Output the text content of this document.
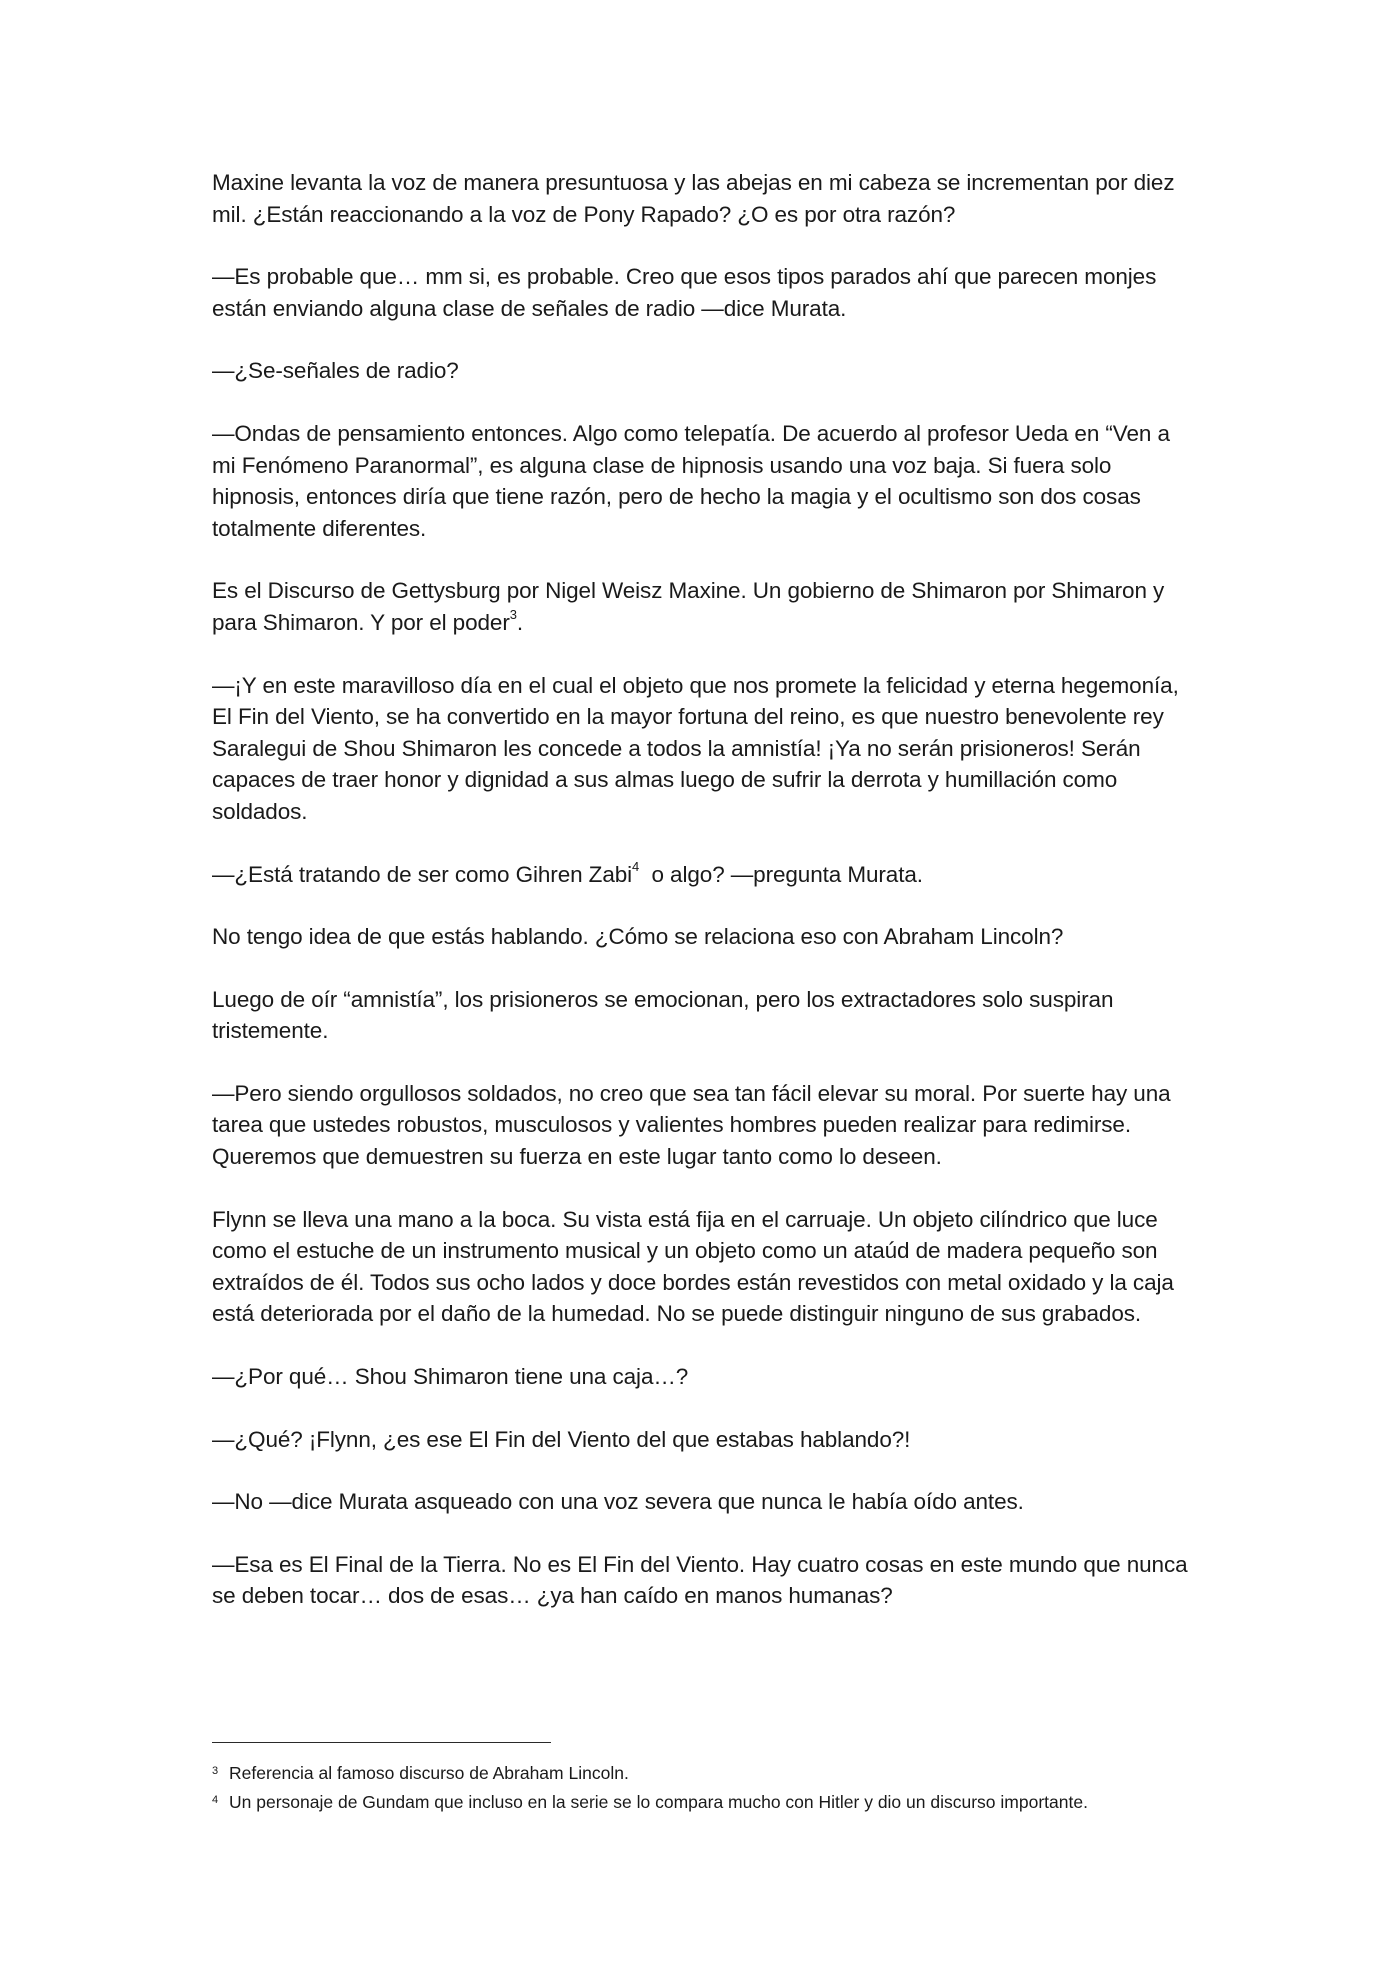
Maxine levanta la voz de manera presuntuosa y las abejas en mi cabeza se incrementan por diez mil. ¿Están reaccionando a la voz de Pony Rapado? ¿O es por otra razón?

—Es probable que… mm si, es probable. Creo que esos tipos parados ahí que parecen monjes están enviando alguna clase de señales de radio —dice Murata.

—¿Se-señales de radio?

—Ondas de pensamiento entonces. Algo como telepatía. De acuerdo al profesor Ueda en “Ven a mi Fenómeno Paranormal”, es alguna clase de hipnosis usando una voz baja. Si fuera solo hipnosis, entonces diría que tiene razón, pero de hecho la magia y el ocultismo son dos cosas totalmente diferentes.

Es el Discurso de Gettysburg por Nigel Weisz Maxine. Un gobierno de Shimaron por Shimaron y para Shimaron. Y por el poder$^3$.

—¡Y en este maravilloso día en el cual el objeto que nos promete la felicidad y eterna hegemonía, El Fin del Viento, se ha convertido en la mayor fortuna del reino, es que nuestro benevolente rey Saralegui de Shou Shimaron les concede a todos la amnistía! ¡Ya no serán prisioneros! Serán capaces de traer honor y dignidad a sus almas luego de sufrir la derrota y humillación como soldados.

—¿Está tratando de ser como Gihren Zabi$^4$  o algo? —pregunta Murata.

No tengo idea de que estás hablando. ¿Cómo se relaciona eso con Abraham Lincoln?

Luego de oír “amnistía”, los prisioneros se emocionan, pero los extractadores solo suspiran tristemente.

—Pero siendo orgullosos soldados, no creo que sea tan fácil elevar su moral. Por suerte hay una tarea que ustedes robustos, musculosos y valientes hombres pueden realizar para redimirse. Queremos que demuestren su fuerza en este lugar tanto como lo deseen.

Flynn se lleva una mano a la boca. Su vista está fija en el carruaje. Un objeto cilíndrico que luce como el estuche de un instrumento musical y un objeto como un ataúd de madera pequeño son extraídos de él. Todos sus ocho lados y doce bordes están revestidos con metal oxidado y la caja está deteriorada por el daño de la humedad. No se puede distinguir ninguno de sus grabados.

—¿Por qué… Shou Shimaron tiene una caja…?

—¿Qué? ¡Flynn, ¿es ese El Fin del Viento del que estabas hablando?!

—No —dice Murata asqueado con una voz severa que nunca le había oído antes.

—Esa es El Final de la Tierra. No es El Fin del Viento. Hay cuatro cosas en este mundo que nunca se deben tocar… dos de esas… ¿ya han caído en manos humanas?

3 Referencia al famoso discurso de Abraham Lincoln.

4 Un personaje de Gundam que incluso en la serie se lo compara mucho con Hitler y dio un discurso importante.
